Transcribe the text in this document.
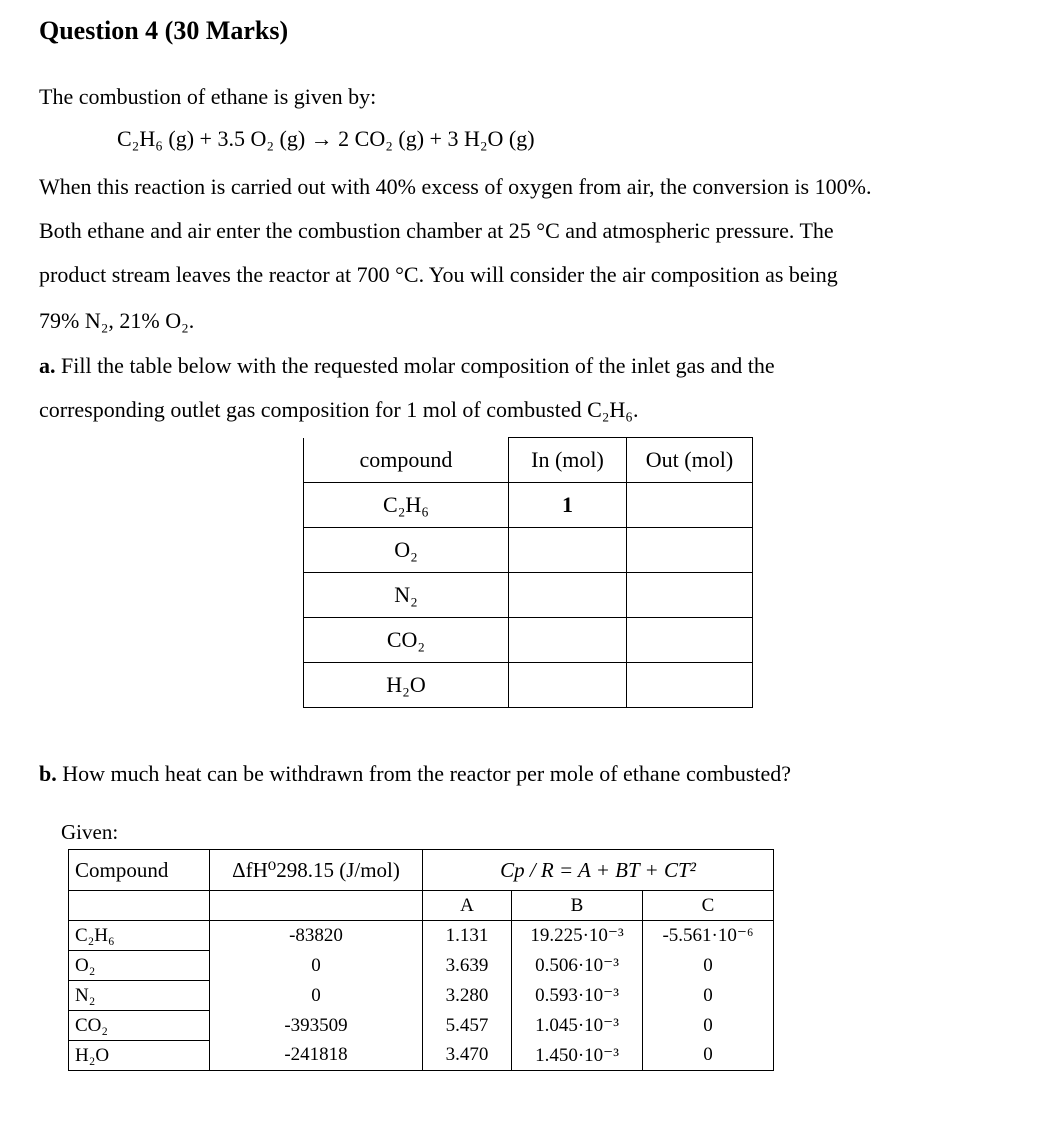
Question 4 (30 Marks)
The combustion of ethane is given by:
C₂H₆ (g) + 3.5 O₂ (g) → 2 CO₂ (g) + 3 H₂O (g)
When this reaction is carried out with 40% excess of oxygen from air, the conversion is 100%.
Both ethane and air enter the combustion chamber at 25 °C and atmospheric pressure. The
product stream leaves the reactor at 700 °C. You will consider the air composition as being
79% N₂, 21% O₂.
a. Fill the table below with the requested molar composition of the inlet gas and the
corresponding outlet gas composition for 1 mol of combusted C₂H₆.
compound	In (mol)	Out (mol)
C₂H₆	1	
O₂		
N₂		
CO₂		
H₂O		
b. How much heat can be withdrawn from the reactor per mole of ethane combusted?
Given:
Compound	ΔfH⁰298.15 (J/mol)	Cp / R = A + BT + CT²		
		A	B	C
C₂H₆	-83820	1.131	19.225·10⁻³	-5.561·10⁻⁶
O₂	0	3.639	0.506·10⁻³	0
N₂	0	3.280	0.593·10⁻³	0
CO₂	-393509	5.457	1.045·10⁻³	0
H₂O	-241818	3.470	1.450·10⁻³	0
